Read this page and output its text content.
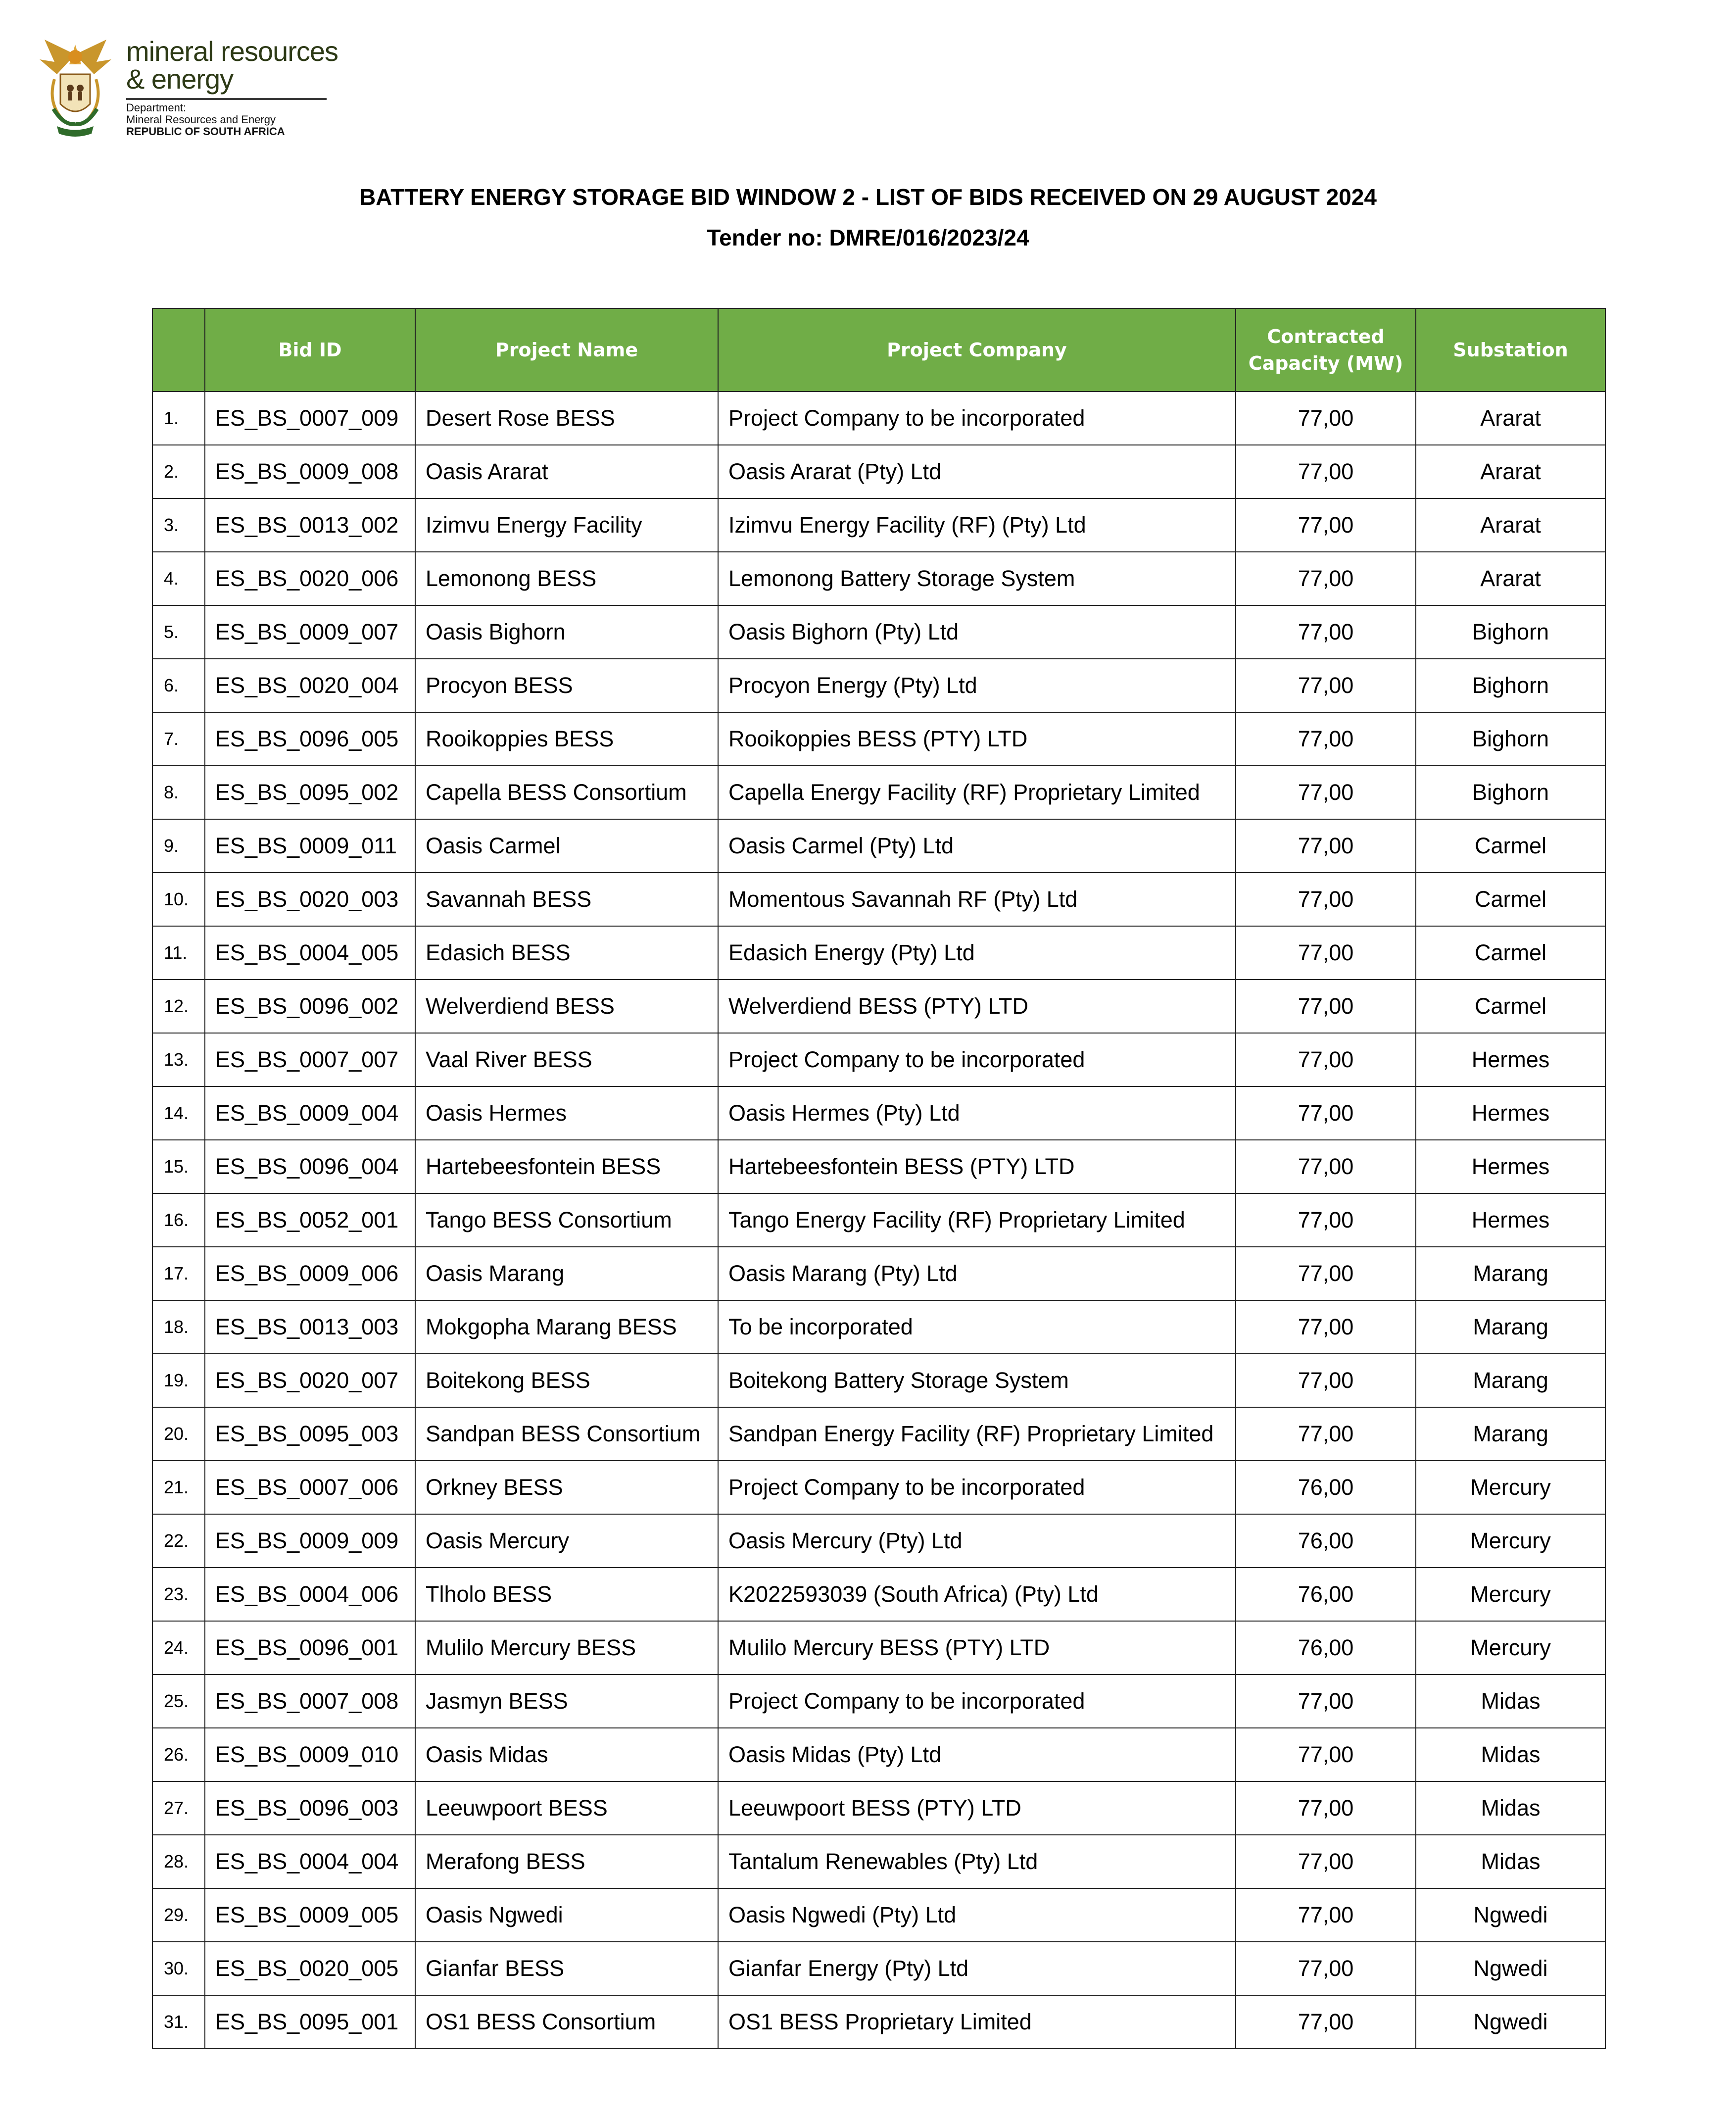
mineral resources
& energy
Department:
Mineral Resources and Energy
REPUBLIC OF SOUTH AFRICA
BATTERY ENERGY STORAGE BID WINDOW 2 - LIST OF BIDS RECEIVED ON 29 AUGUST 2024
Tender no: DMRE/016/2023/24
	Bid ID	Project Name	Project Company	Contracted Capacity (MW)	Substation
1.	ES_BS_0007_009	Desert Rose BESS	Project Company to be incorporated	77,00	Ararat
2.	ES_BS_0009_008	Oasis Ararat	Oasis Ararat (Pty) Ltd	77,00	Ararat
3.	ES_BS_0013_002	Izimvu Energy Facility	Izimvu Energy Facility (RF) (Pty) Ltd	77,00	Ararat
4.	ES_BS_0020_006	Lemonong BESS	Lemonong Battery Storage System	77,00	Ararat
5.	ES_BS_0009_007	Oasis Bighorn	Oasis Bighorn (Pty) Ltd	77,00	Bighorn
6.	ES_BS_0020_004	Procyon BESS	Procyon Energy (Pty) Ltd	77,00	Bighorn
7.	ES_BS_0096_005	Rooikoppies BESS	Rooikoppies BESS (PTY) LTD	77,00	Bighorn
8.	ES_BS_0095_002	Capella BESS Consortium	Capella Energy Facility (RF) Proprietary Limited	77,00	Bighorn
9.	ES_BS_0009_011	Oasis Carmel	Oasis Carmel (Pty) Ltd	77,00	Carmel
10.	ES_BS_0020_003	Savannah BESS	Momentous Savannah RF (Pty) Ltd	77,00	Carmel
11.	ES_BS_0004_005	Edasich BESS	Edasich Energy (Pty) Ltd	77,00	Carmel
12.	ES_BS_0096_002	Welverdiend BESS	Welverdiend BESS (PTY) LTD	77,00	Carmel
13.	ES_BS_0007_007	Vaal River BESS	Project Company to be incorporated	77,00	Hermes
14.	ES_BS_0009_004	Oasis Hermes	Oasis Hermes (Pty) Ltd	77,00	Hermes
15.	ES_BS_0096_004	Hartebeesfontein BESS	Hartebeesfontein BESS (PTY) LTD	77,00	Hermes
16.	ES_BS_0052_001	Tango BESS Consortium	Tango Energy Facility (RF) Proprietary Limited	77,00	Hermes
17.	ES_BS_0009_006	Oasis Marang	Oasis Marang (Pty) Ltd	77,00	Marang
18.	ES_BS_0013_003	Mokgopha Marang BESS	To be incorporated	77,00	Marang
19.	ES_BS_0020_007	Boitekong BESS	Boitekong Battery Storage System	77,00	Marang
20.	ES_BS_0095_003	Sandpan BESS Consortium	Sandpan Energy Facility (RF) Proprietary Limited	77,00	Marang
21.	ES_BS_0007_006	Orkney BESS	Project Company to be incorporated	76,00	Mercury
22.	ES_BS_0009_009	Oasis Mercury	Oasis Mercury (Pty) Ltd	76,00	Mercury
23.	ES_BS_0004_006	Tlholo BESS	K2022593039 (South Africa) (Pty) Ltd	76,00	Mercury
24.	ES_BS_0096_001	Mulilo Mercury BESS	Mulilo Mercury BESS (PTY) LTD	76,00	Mercury
25.	ES_BS_0007_008	Jasmyn BESS	Project Company to be incorporated	77,00	Midas
26.	ES_BS_0009_010	Oasis Midas	Oasis Midas (Pty) Ltd	77,00	Midas
27.	ES_BS_0096_003	Leeuwpoort BESS	Leeuwpoort BESS (PTY) LTD	77,00	Midas
28.	ES_BS_0004_004	Merafong BESS	Tantalum Renewables (Pty) Ltd	77,00	Midas
29.	ES_BS_0009_005	Oasis Ngwedi	Oasis Ngwedi (Pty) Ltd	77,00	Ngwedi
30.	ES_BS_0020_005	Gianfar BESS	Gianfar Energy (Pty) Ltd	77,00	Ngwedi
31.	ES_BS_0095_001	OS1 BESS Consortium	OS1 BESS Proprietary Limited	77,00	Ngwedi
